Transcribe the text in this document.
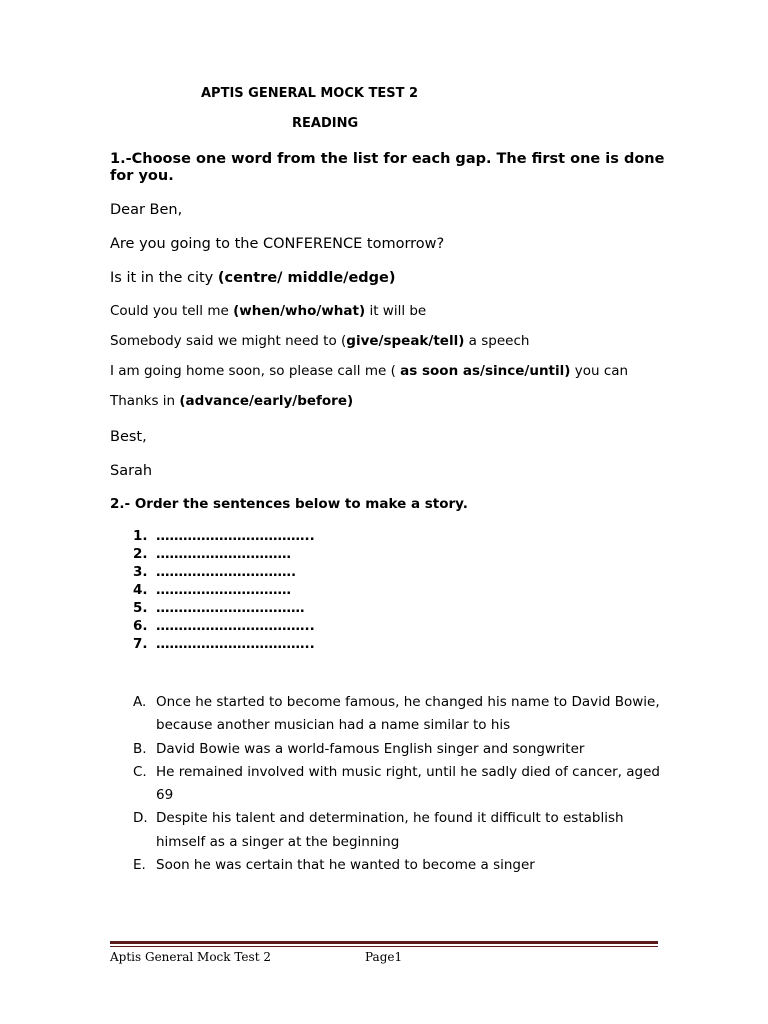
APTIS GENERAL MOCK TEST 2
READING
1.-Choose one word from the list for each gap. The first one is done for you.
Dear Ben,
Are you going to the CONFERENCE tomorrow?
Is it in the city (centre/ middle/edge)
Could you tell me (when/who/what) it will be
Somebody said we might need to (give/speak/tell) a speech
I am going home soon, so please call me ( as soon as/since/until) you can
Thanks in (advance/early/before)
Best,
Sarah
2.- Order the sentences below to make a story.
1. ……………………………..
2. …………………………
3. ………………………….
4. …………………………
5. ……………………………
6. ……………………………..
7. ……………………………..
A. Once he started to become famous, he changed his name to David Bowie, because another musician had a name similar to his
B. David Bowie was a world-famous English singer and songwriter
C. He remained involved with music right, until he sadly died of cancer, aged 69
D. Despite his talent and determination, he found it difficult to establish himself as a singer at the beginning
E. Soon he was certain that he wanted to become a singer
Aptis General Mock Test 2	Page1
